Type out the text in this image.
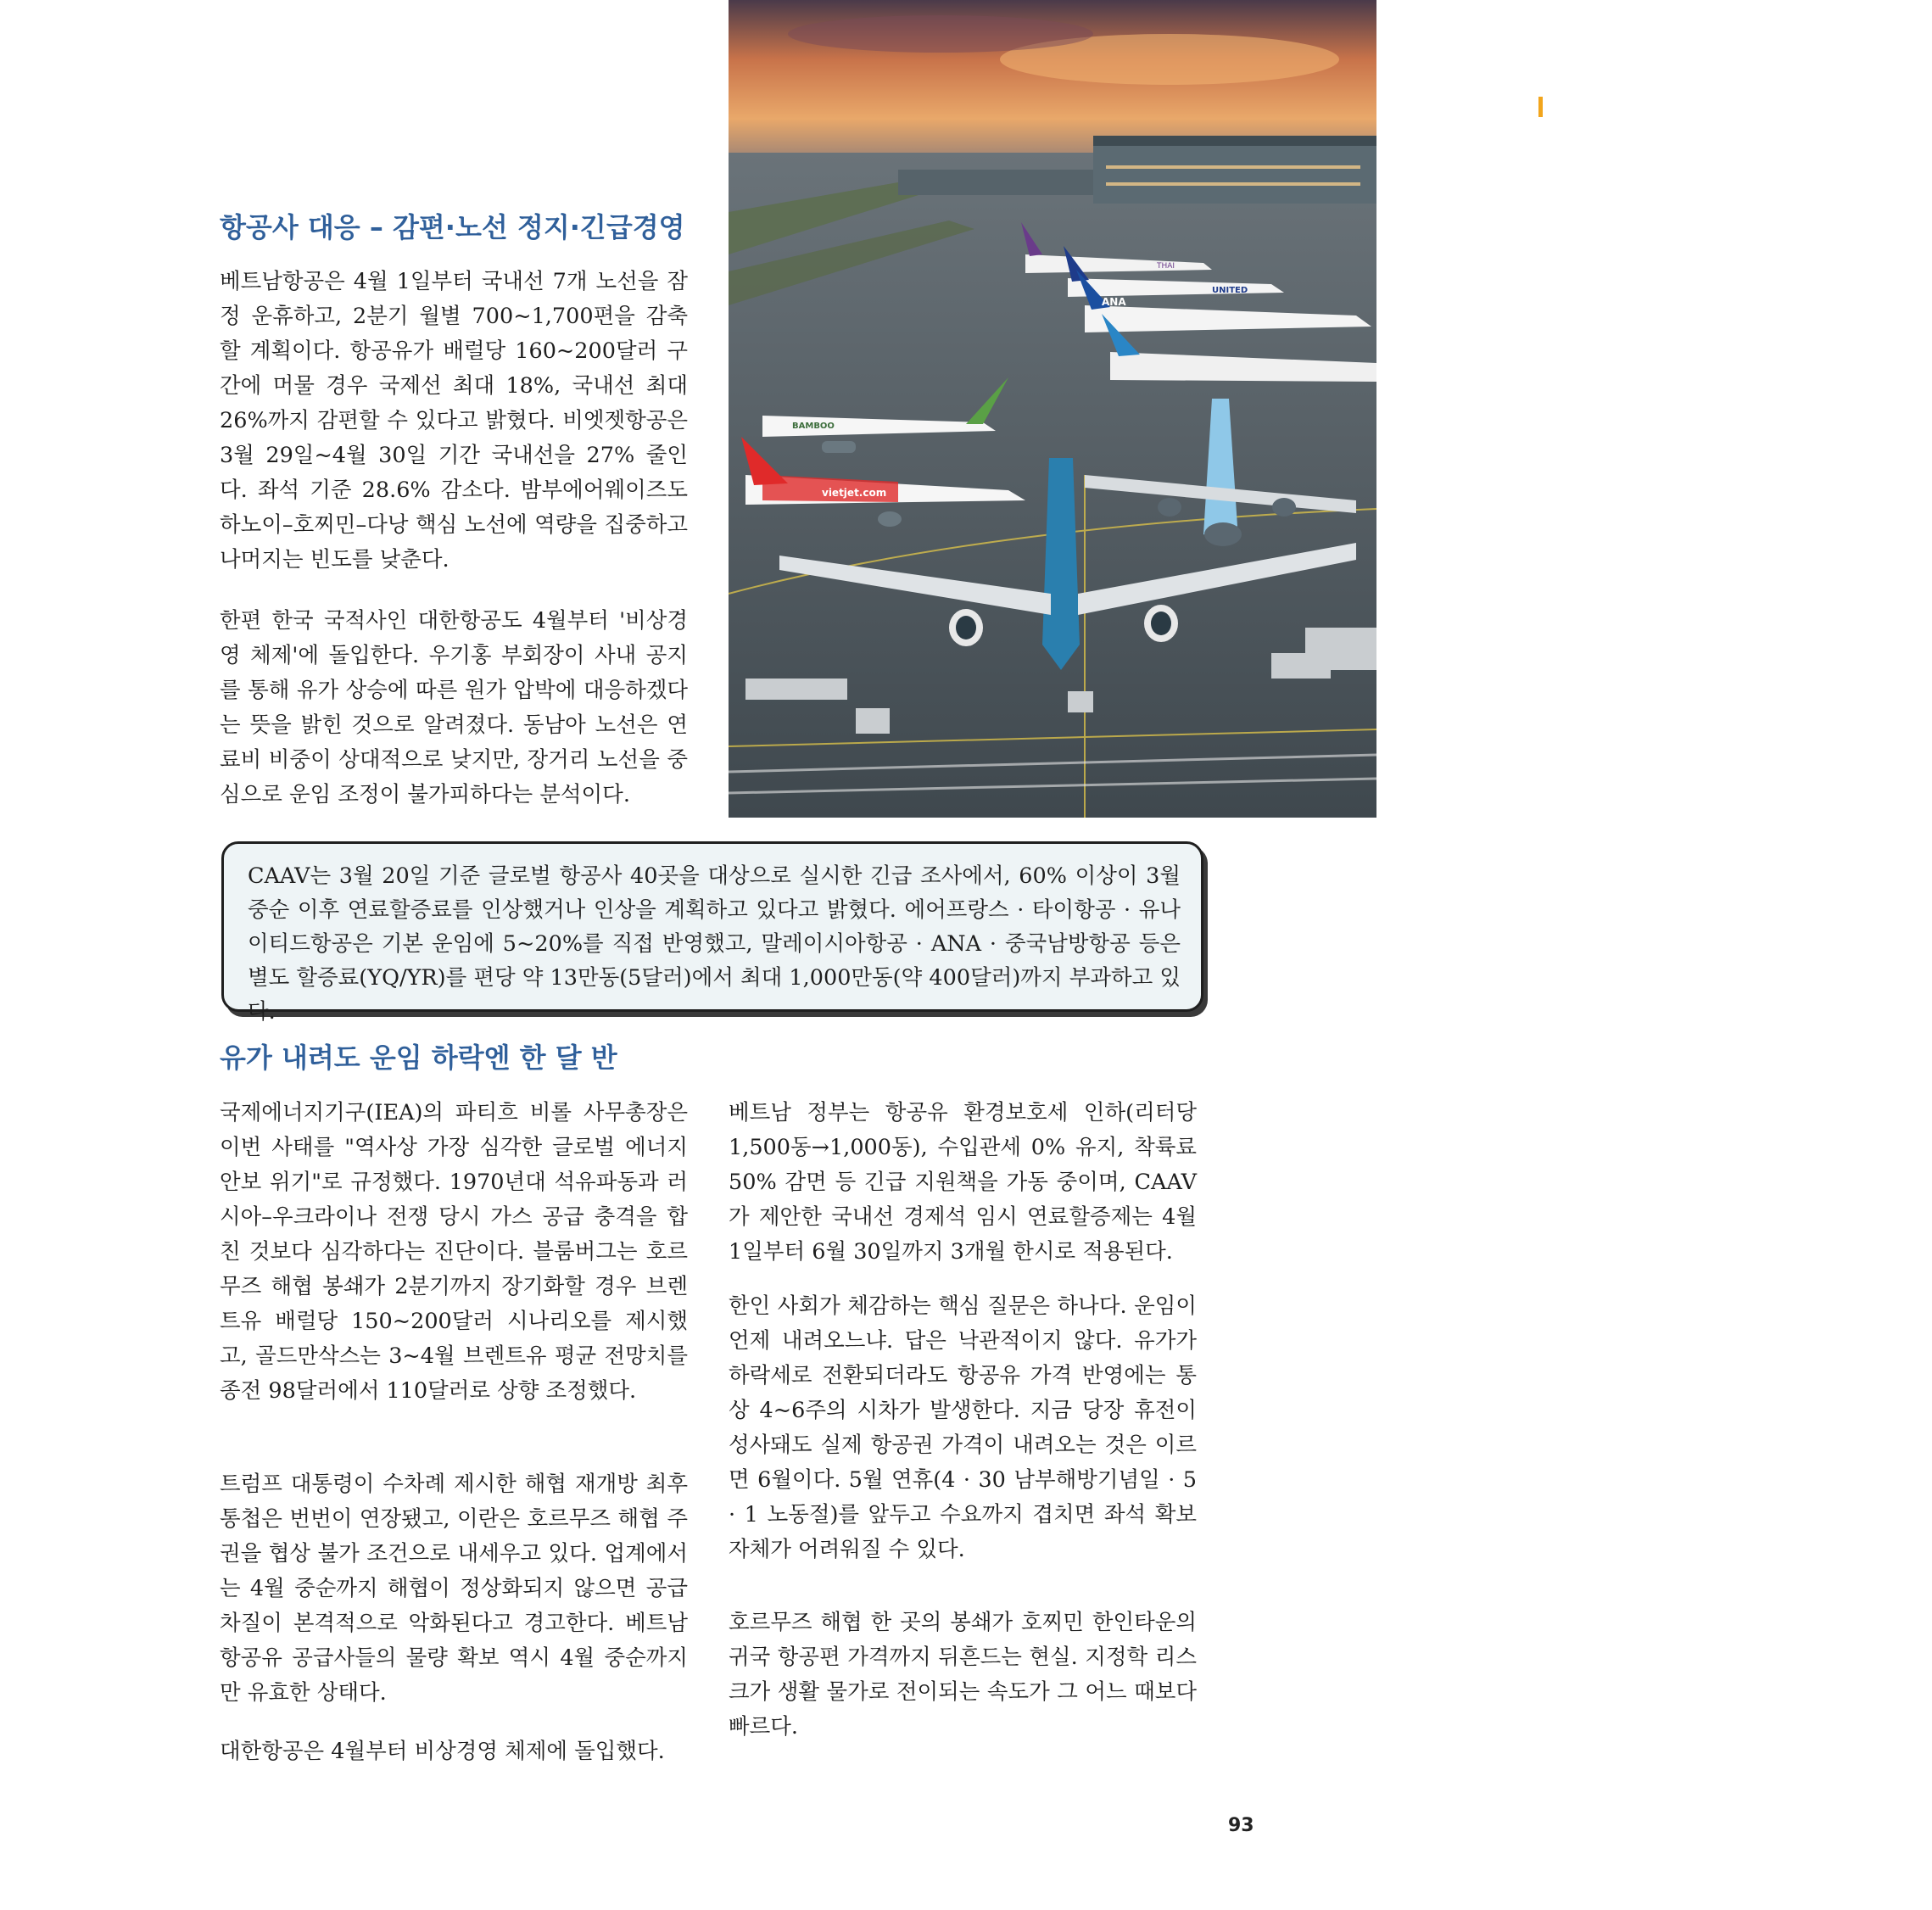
THAI
UNITED
ANA
BAMBOO
vietjet.com
전쟁 유가 쇼크!....베트남 출발 항공권 얼마나 올랐나?
항공사 대응 – 감편·노선 정지·긴급경영

베트남항공은 4월 1일부터 국내선 7개 노선을 잠정 운휴하고, 2분기 월별 700~1,700편을 감축할 계획이다. 항공유가 배럴당 160~200달러 구간에 머물 경우 국제선 최대 18%, 국내선 최대 26%까지 감편할 수 있다고 밝혔다. 비엣젯항공은 3월 29일~4월 30일 기간 국내선을 27% 줄인다. 좌석 기준 28.6% 감소다. 밤부에어웨이즈도 하노이–호찌민–다낭 핵심 노선에 역량을 집중하고 나머지는 빈도를 낮춘다.

한편 한국 국적사인 대한항공도 4월부터 '비상경영 체제'에 돌입한다. 우기홍 부회장이 사내 공지를 통해 유가 상승에 따른 원가 압박에 대응하겠다는 뜻을 밝힌 것으로 알려졌다. 동남아 노선은 연료비 비중이 상대적으로 낮지만, 장거리 노선을 중심으로 운임 조정이 불가피하다는 분석이다.

CAAV는 3월 20일 기준 글로벌 항공사 40곳을 대상으로 실시한 긴급 조사에서, 60% 이상이 3월 중순 이후 연료할증료를 인상했거나 인상을 계획하고 있다고 밝혔다. 에어프랑스 · 타이항공 · 유나이티드항공은 기본 운임에 5~20%를 직접 반영했고, 말레이시아항공 · ANA · 중국남방항공 등은 별도 할증료(YQ/YR)를 편당 약 13만동(5달러)에서 최대 1,000만동(약 400달러)까지 부과하고 있다.

유가 내려도 운임 하락엔 한 달 반

국제에너지기구(IEA)의 파티흐 비롤 사무총장은 이번 사태를 "역사상 가장 심각한 글로벌 에너지 안보 위기"로 규정했다. 1970년대 석유파동과 러시아–우크라이나 전쟁 당시 가스 공급 충격을 합친 것보다 심각하다는 진단이다. 블룸버그는 호르무즈 해협 봉쇄가 2분기까지 장기화할 경우 브렌트유 배럴당 150~200달러 시나리오를 제시했고, 골드만삭스는 3~4월 브렌트유 평균 전망치를 종전 98달러에서 110달러로 상향 조정했다.

트럼프 대통령이 수차례 제시한 해협 재개방 최후통첩은 번번이 연장됐고, 이란은 호르무즈 해협 주권을 협상 불가 조건으로 내세우고 있다. 업계에서는 4월 중순까지 해협이 정상화되지 않으면 공급 차질이 본격적으로 악화된다고 경고한다. 베트남 항공유 공급사들의 물량 확보 역시 4월 중순까지만 유효한 상태다.

대한항공은 4월부터 비상경영 체제에 돌입했다.

베트남 정부는 항공유 환경보호세 인하(리터당 1,500동→1,000동), 수입관세 0% 유지, 착륙료 50% 감면 등 긴급 지원책을 가동 중이며, CAAV가 제안한 국내선 경제석 임시 연료할증제는 4월 1일부터 6월 30일까지 3개월 한시로 적용된다.

한인 사회가 체감하는 핵심 질문은 하나다. 운임이 언제 내려오느냐. 답은 낙관적이지 않다. 유가가 하락세로 전환되더라도 항공유 가격 반영에는 통상 4~6주의 시차가 발생한다. 지금 당장 휴전이 성사돼도 실제 항공권 가격이 내려오는 것은 이르면 6월이다. 5월 연휴(4 · 30 남부해방기념일 · 5 · 1 노동절)를 앞두고 수요까지 겹치면 좌석 확보 자체가 어려워질 수 있다.

호르무즈 해협 한 곳의 봉쇄가 호찌민 한인타운의 귀국 항공편 가격까지 뒤흔드는 현실. 지정학 리스크가 생활 물가로 전이되는 속도가 그 어느 때보다 빠르다.

93
